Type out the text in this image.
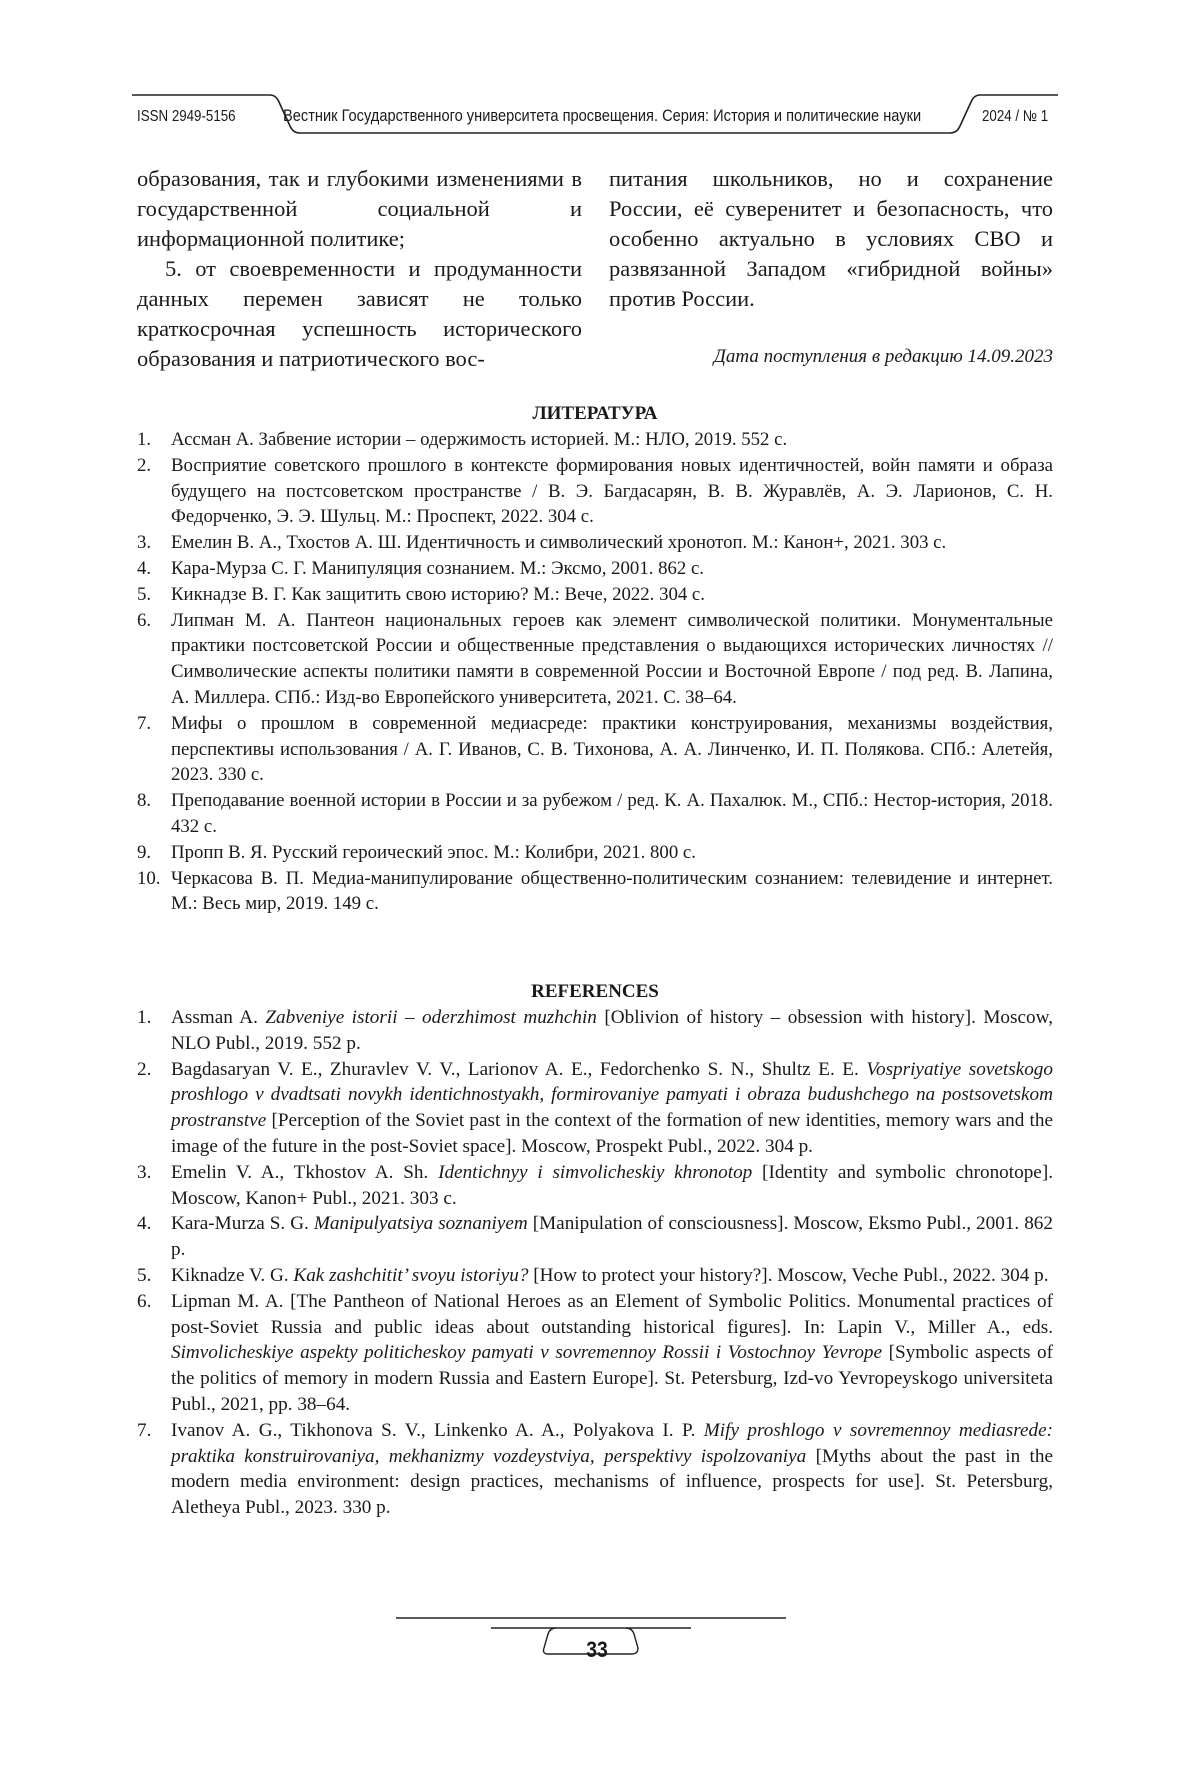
ISSN 2949-5156	Вестник Государственного университета просвещения. Серия: История и политические науки	2024 / № 1

образования, так и глубокими изменениями в государственной социальной и информационной политике;

5. от своевременности и продуманности данных перемен зависят не только краткосрочная успешность исторического образования и патриотического вос-

питания школьников, но и сохранение России, её суверенитет и безопасность, что особенно актуально в условиях СВО и развязанной Западом «гибридной войны» против России.

Дата поступления в редакцию 14.09.2023
ЛИТЕРАТУРА
1. Ассман А. Забвение истории – одержимость историей. М.: НЛО, 2019. 552 с.
2. Восприятие советского прошлого в контексте формирования новых идентичностей, войн памяти и образа будущего на постсоветском пространстве / В. Э. Багдасарян, В. В. Журавлёв, А. Э. Ларионов, С. Н. Федорченко, Э. Э. Шульц. М.: Проспект, 2022. 304 с.
3. Емелин В. А., Тхостов А. Ш. Идентичность и символический хронотоп. М.: Канон+, 2021. 303 с.
4. Кара-Мурза С. Г. Манипуляция сознанием. М.: Эксмо, 2001. 862 с.
5. Кикнадзе В. Г. Как защитить свою историю? М.: Вече, 2022. 304 с.
6. Липман М. А. Пантеон национальных героев как элемент символической политики. Монументальные практики постсоветской России и общественные представления о выдающихся исторических личностях // Символические аспекты политики памяти в современной России и Восточной Европе / под ред. В. Лапина, А. Миллера. СПб.: Изд-во Европейского университета, 2021. С. 38–64.
7. Мифы о прошлом в современной медиасреде: практики конструирования, механизмы воздействия, перспективы использования / А. Г. Иванов, С. В. Тихонова, А. А. Линченко, И. П. Полякова. СПб.: Алетейя, 2023. 330 с.
8. Преподавание военной истории в России и за рубежом / ред. К. А. Пахалюк. М., СПб.: Нестор-история, 2018. 432 с.
9. Пропп В. Я. Русский героический эпос. М.: Колибри, 2021. 800 с.
10. Черкасова В. П. Медиа-манипулирование общественно-политическим сознанием: телевидение и интернет. М.: Весь мир, 2019. 149 с.
REFERENCES
1. Assman A. Zabveniye istorii – oderzhimost muzhchin [Oblivion of history – obsession with history]. Moscow, NLO Publ., 2019. 552 p.
2. Bagdasaryan V. E., Zhuravlev V. V., Larionov A. E., Fedorchenko S. N., Shultz E. E. Vospriyatiye sovetskogo proshlogo v dvadtsati novykh identichnostyakh, formirovaniye pamyati i obraza budushchego na postsovetskom prostranstve [Perception of the Soviet past in the context of the formation of new identities, memory wars and the image of the future in the post-Soviet space]. Moscow, Prospekt Publ., 2022. 304 p.
3. Emelin V. A., Tkhostov A. Sh. Identichnyy i simvolicheskiy khronotop [Identity and symbolic chronotope]. Moscow, Kanon+ Publ., 2021. 303 c.
4. Kara-Murza S. G. Manipulyatsiya soznaniyem [Manipulation of consciousness]. Moscow, Eksmo Publ., 2001. 862 p.
5. Kiknadze V. G. Kak zashchitit’ svoyu istoriyu? [How to protect your history?]. Moscow, Veche Publ., 2022. 304 p.
6. Lipman M. A. [The Pantheon of National Heroes as an Element of Symbolic Politics. Monumental practices of post-Soviet Russia and public ideas about outstanding historical figures]. In: Lapin V., Miller A., eds. Simvolicheskiye aspekty politicheskoy pamyati v sovremennoy Rossii i Vostochnoy Yevrope [Symbolic aspects of the politics of memory in modern Russia and Eastern Europe]. St. Petersburg, Izd-vo Yevropeyskogo universiteta Publ., 2021, pp. 38–64.
7. Ivanov A. G., Tikhonova S. V., Linkenko A. A., Polyakova I. P. Mify proshlogo v sovremennoy mediasrede: praktika konstruirovaniya, mekhanizmy vozdeystviya, perspektivy ispolzovaniya [Myths about the past in the modern media environment: design practices, mechanisms of influence, prospects for use]. St. Petersburg, Aletheya Publ., 2023. 330 p.
33
